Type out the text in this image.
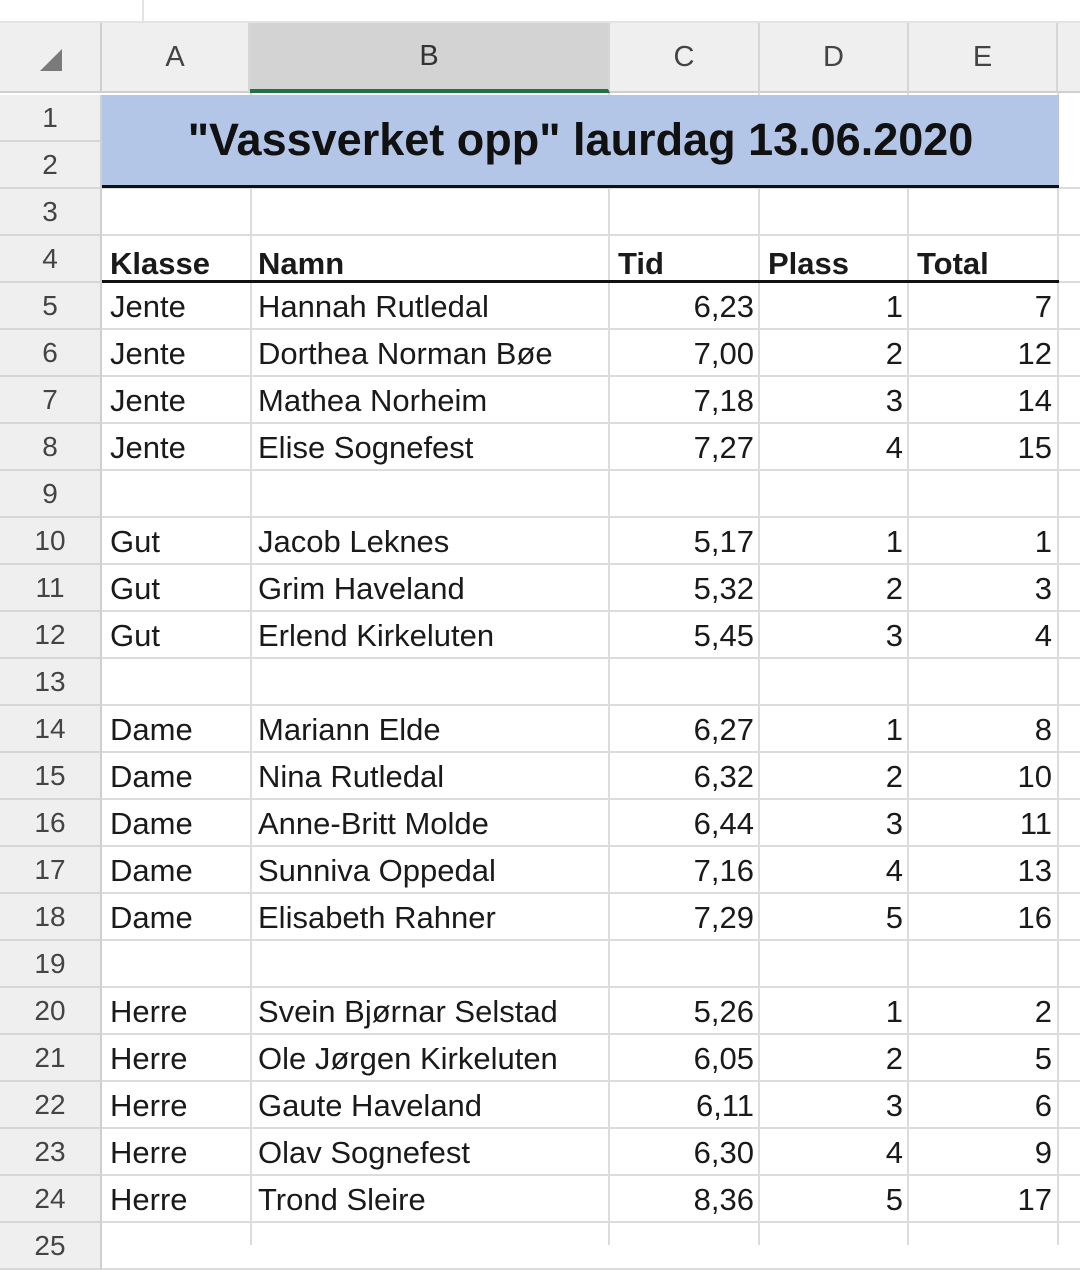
A	B	C	D	E
1
2
3
4
5
6
7
8
9
10
11
12
13
14
15
16
17
18
19
20
21
22
23
24
25
"Vassverket opp" laurdag 13.06.2020
Klasse	Namn	Tid	Plass	Total
Jente	Hannah Rutledal	6,23	1	7
Jente	Dorthea Norman Bøe	7,00	2	12
Jente	Mathea Norheim	7,18	3	14
Jente	Elise Sognefest	7,27	4	15
Gut	Jacob Leknes	5,17	1	1
Gut	Grim Haveland	5,32	2	3
Gut	Erlend Kirkeluten	5,45	3	4
Dame	Mariann Elde	6,27	1	8
Dame	Nina Rutledal	6,32	2	10
Dame	Anne-Britt Molde	6,44	3	11
Dame	Sunniva Oppedal	7,16	4	13
Dame	Elisabeth Rahner	7,29	5	16
Herre	Svein Bjørnar Selstad	5,26	1	2
Herre	Ole Jørgen Kirkeluten	6,05	2	5
Herre	Gaute Haveland	6,11	3	6
Herre	Olav Sognefest	6,30	4	9
Herre	Trond Sleire	8,36	5	17
